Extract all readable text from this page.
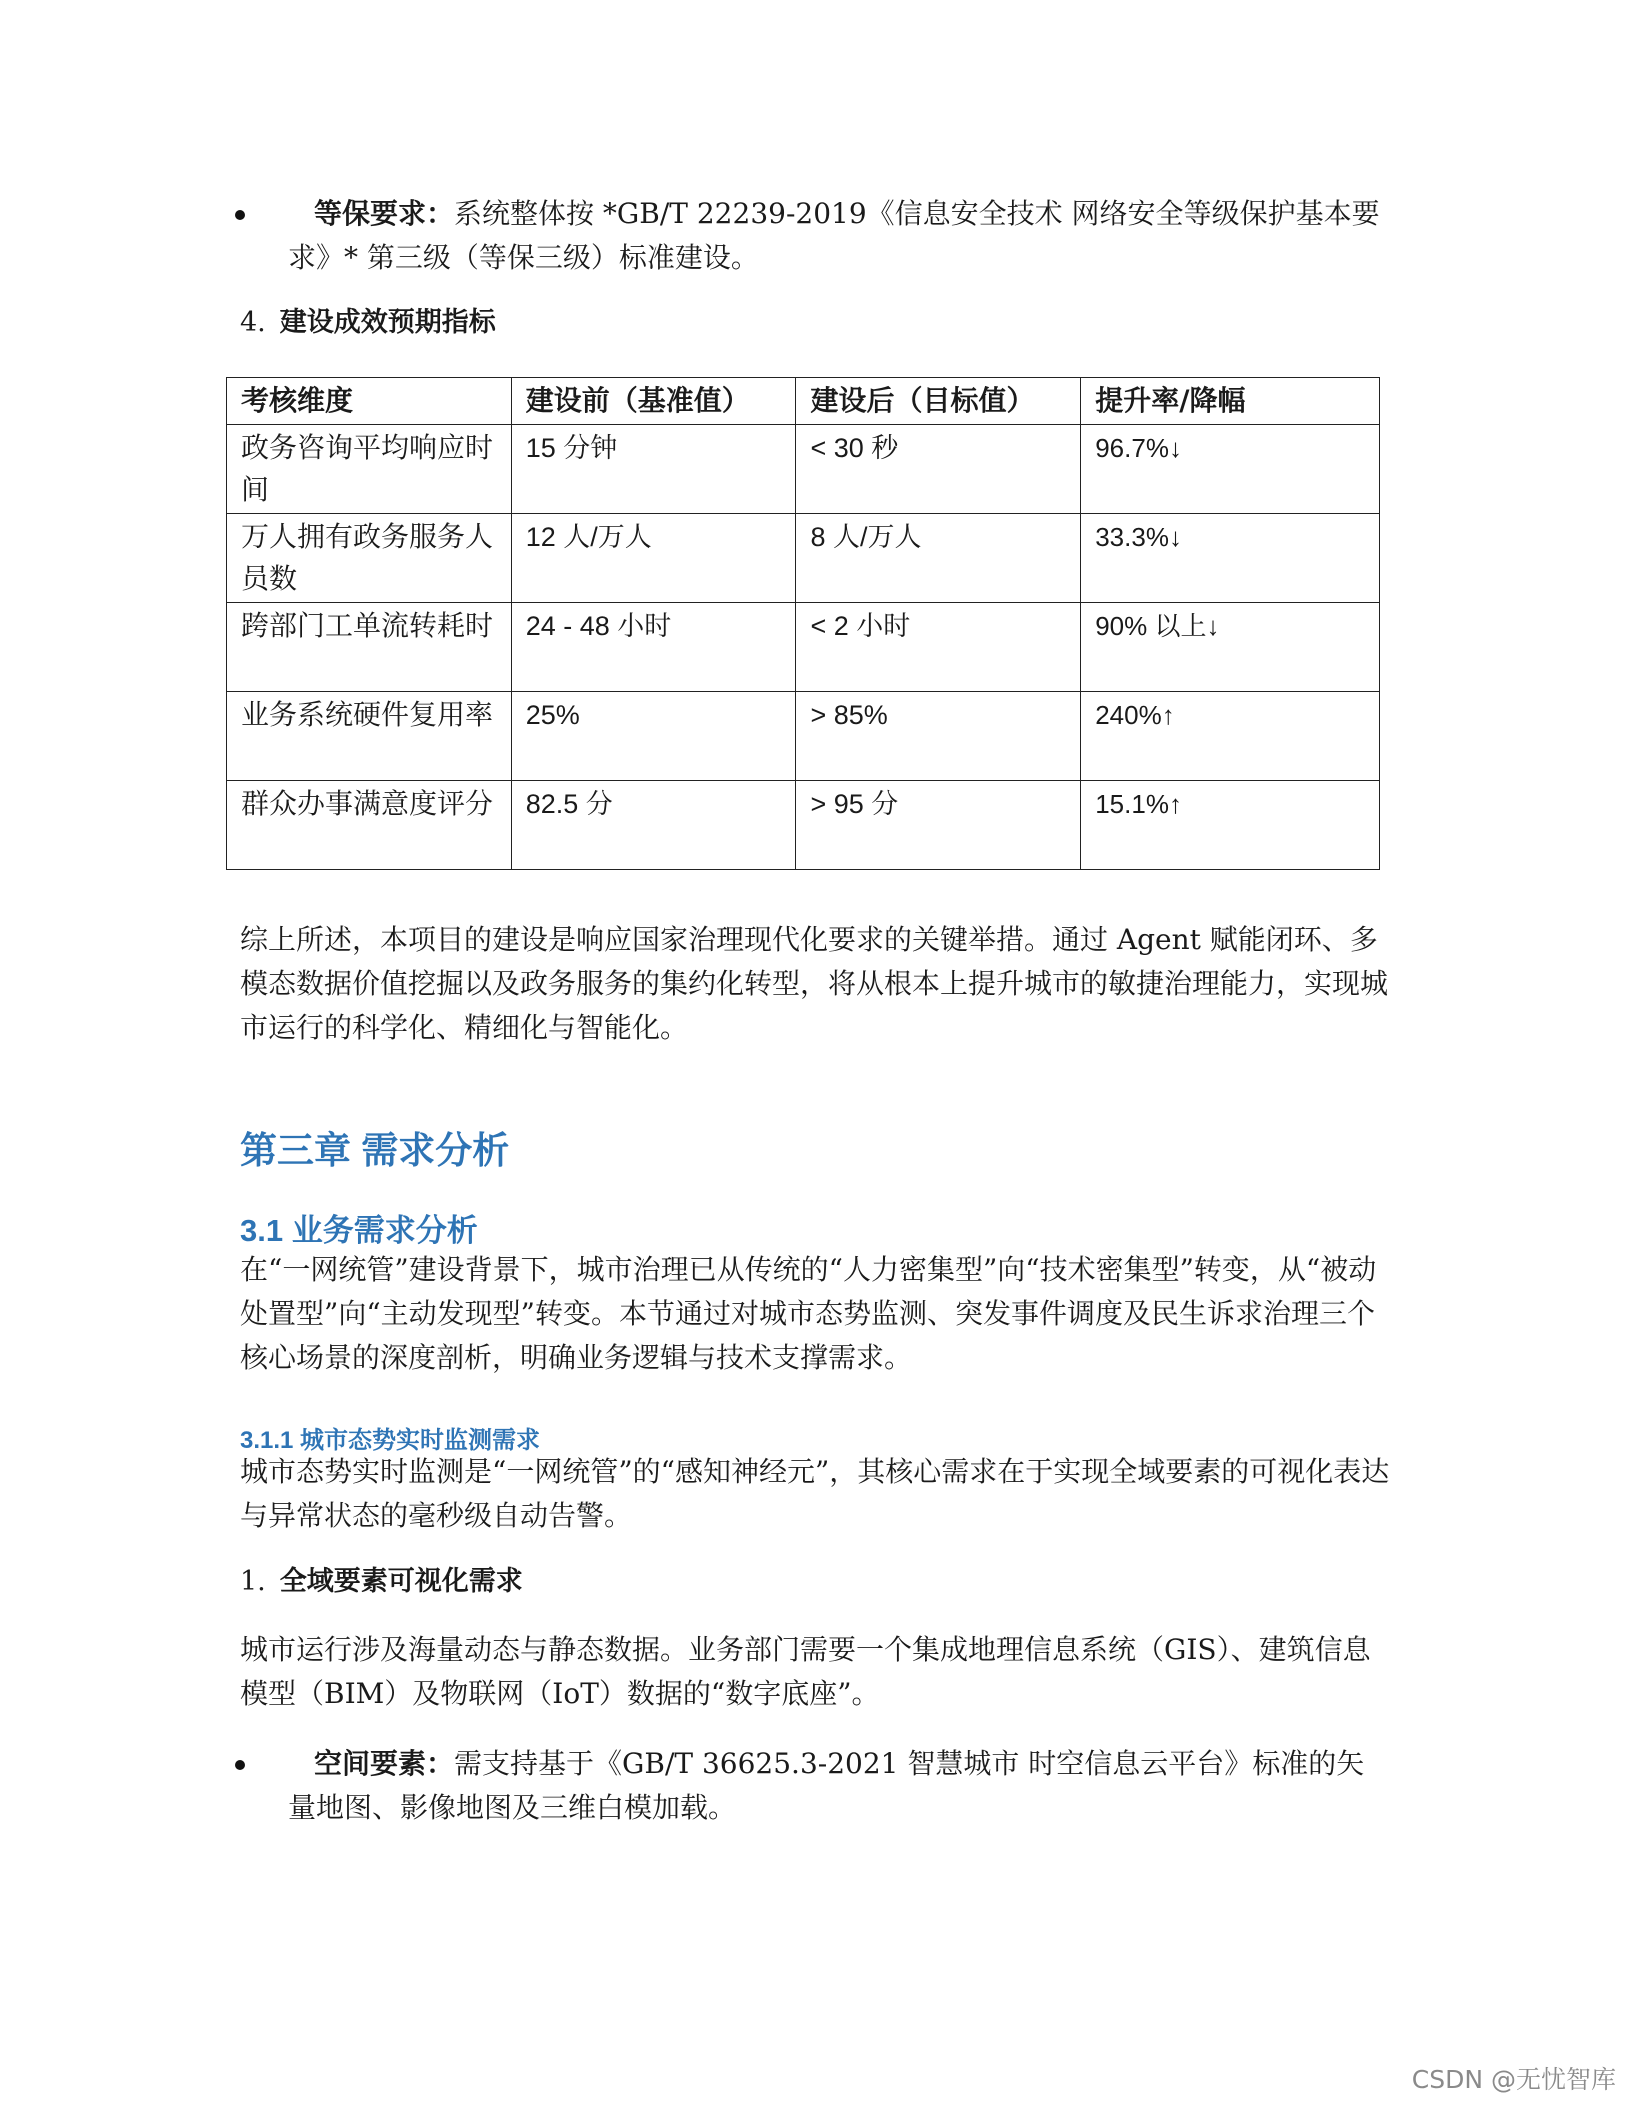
等保要求：系统整体按 *GB/T 22239-2019《信息安全技术 网络安全等级保护基本要求》* 第三级（等保三级）标准建设。
4. 建设成效预期指标
考核维度	建设前（基准值）	建设后（目标值）	提升率/降幅
政务咨询平均响应时间	15 分钟	< 30 秒	96.7%↓
万人拥有政务服务人员数	12 人/万人	8 人/万人	33.3%↓
跨部门工单流转耗时	24 - 48 小时	< 2 小时	90% 以上↓
业务系统硬件复用率	25%	> 85%	240%↑
群众办事满意度评分	82.5 分	> 95 分	15.1%↑

综上所述，本项目的建设是响应国家治理现代化要求的关键举措。通过 Agent 赋能闭环、多模态数据价值挖掘以及政务服务的集约化转型，将从根本上提升城市的敏捷治理能力，实现城市运行的科学化、精细化与智能化。

第三章 需求分析
3.1 业务需求分析

在“一网统管”建设背景下，城市治理已从传统的“人力密集型”向“技术密集型”转变，从“被动处置型”向“主动发现型”转变。本节通过对城市态势监测、突发事件调度及民生诉求治理三个核心场景的深度剖析，明确业务逻辑与技术支撑需求。

3.1.1 城市态势实时监测需求

城市态势实时监测是“一网统管”的“感知神经元”，其核心需求在于实现全域要素的可视化表达与异常状态的毫秒级自动告警。

1. 全域要素可视化需求

城市运行涉及海量动态与静态数据。业务部门需要一个集成地理信息系统（GIS）、建筑信息模型（BIM）及物联网（IoT）数据的“数字底座”。

空间要素：需支持基于《GB/T 36625.3-2021 智慧城市 时空信息云平台》标准的矢量地图、影像地图及三维白模加载。
CSDN @无忧智库
